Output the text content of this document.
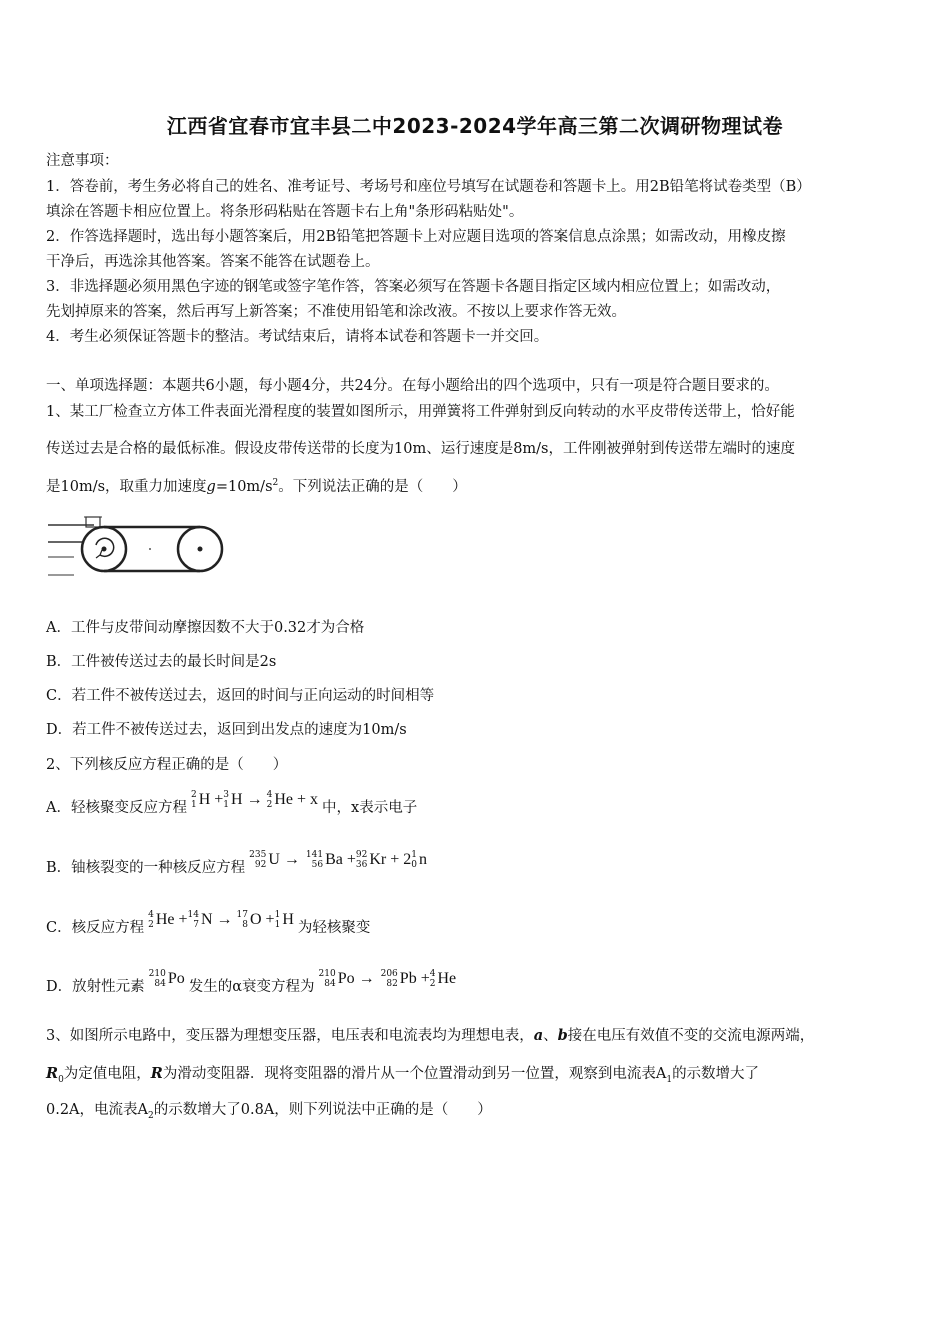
江西省宜春市宜丰县二中2023-2024学年高三第二次调研物理试卷
注意事项：
1．答卷前，考生务必将自己的姓名、准考证号、考场号和座位号填写在试题卷和答题卡上。用2B铅笔将试卷类型（B）
填涂在答题卡相应位置上。将条形码粘贴在答题卡右上角"条形码粘贴处"。
2．作答选择题时，选出每小题答案后，用2B铅笔把答题卡上对应题目选项的答案信息点涂黑；如需改动，用橡皮擦
干净后，再选涂其他答案。答案不能答在试题卷上。
3．非选择题必须用黑色字迹的钢笔或签字笔作答，答案必须写在答题卡各题目指定区域内相应位置上；如需改动，
先划掉原来的答案，然后再写上新答案；不准使用铅笔和涂改液。不按以上要求作答无效。
4．考生必须保证答题卡的整洁。考试结束后，请将本试卷和答题卡一并交回。
一、单项选择题：本题共6小题，每小题4分，共24分。在每小题给出的四个选项中，只有一项是符合题目要求的。
1、某工厂检查立方体工件表面光滑程度的装置如图所示，用弹簧将工件弹射到反向转动的水平皮带传送带上，恰好能
传送过去是合格的最低标准。假设皮带传送带的长度为10m、运行速度是8m/s，工件刚被弹射到传送带左端时的速度
是10m/s，取重力加速度$g=10m/s^2$。下列说法正确的是（　　）
A．工件与皮带间动摩擦因数不大于0.32才为合格
B．工件被传送过去的最长时间是2s
C．若工件不被传送过去，返回的时间与正向运动的时间相等
D．若工件不被传送过去，返回到出发点的速度为10m/s
2、下列核反应方程正确的是（　　）
A．轻核聚变反应方程
2
1 H + 3
1 H → 4
2 He + x 中，x表示电子
B．铀核裂变的一种核反应方程
235
92 U → 141
56 Ba + 92
36 Kr + 2 1
0 n
C．核反应方程
4
2 He + 14
7 N → 17
8 O + 1
1 H 为轻核聚变
D．放射性元素
210
84 Po 发生的α衰变方程为
210
84 Po → 206
82 Pb + 4
2 He
3、如图所示电路中，变压器为理想变压器，电压表和电流表均为理想电表，a、b接在电压有效值不变的交流电源两端，
$R_0$为定值电阻，R为滑动变阻器．现将变阻器的滑片从一个位置滑动到另一位置，观察到电流表$A_1$的示数增大了
0.2A，电流表$A_2$的示数增大了0.8A，则下列说法中正确的是（　　）
